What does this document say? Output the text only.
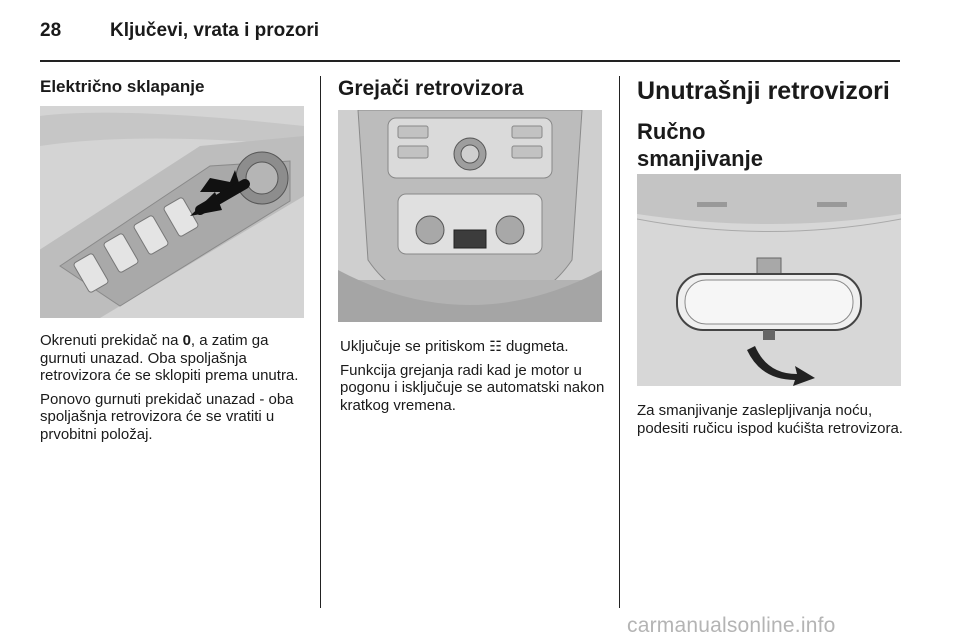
28	Ključevi, vrata i prozori
Električno sklapanje

Okrenuti prekidač na 0, a zatim ga gurnuti unazad. Oba spoljašnja retrovizora će se sklopiti prema unutra.

Ponovo gurnuti prekidač unazad - oba spoljašnja retrovizora će se vratiti u prvobitni položaj.

Grejači retrovizora

Uključuje se pritiskom ☷ dugmeta.

Funkcija grejanja radi kad je motor u pogonu i isključuje se automatski nakon kratkog vremena.

Unutrašnji retrovizori
Ručno smanjivanje

Za smanjivanje zaslepljivanja noću, podesiti ručicu ispod kućišta retrovizora.

carmanualsonline.info
